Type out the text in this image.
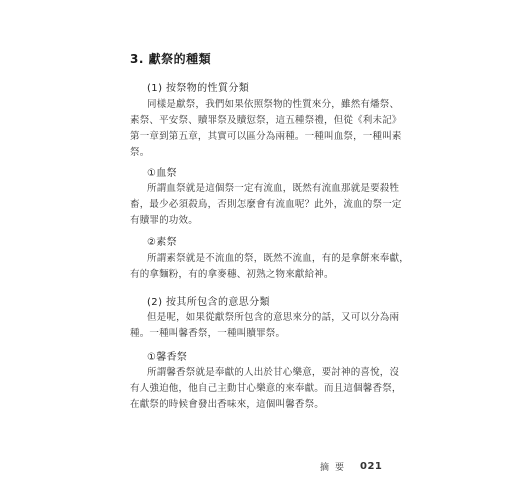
3. 獻祭的種類
(1) 按祭物的性質分類
同樣是獻祭，我們如果依照祭物的性質來分，雖然有燔祭、
素祭、平安祭、贖罪祭及贖愆祭，這五種祭禮，但從《利未記》
第一章到第五章，其實可以區分為兩種。一種叫血祭，一種叫素
祭。
①血祭
所謂血祭就是這個祭一定有流血，既然有流血那就是要殺牲
畜，最少必須殺鳥，否則怎麼會有流血呢？此外，流血的祭一定
有贖罪的功效。
②素祭
所謂素祭就是不流血的祭，既然不流血，有的是拿餅來奉獻，
有的拿麵粉，有的拿麥穗、初熟之物來獻給神。
(2) 按其所包含的意思分類
但是呢，如果從獻祭所包含的意思來分的話，又可以分為兩
種。一種叫馨香祭，一種叫贖罪祭。
①馨香祭
所謂馨香祭就是奉獻的人出於甘心樂意，要討神的喜悅，沒
有人強迫他，他自己主動甘心樂意的來奉獻。而且這個馨香祭，
在獻祭的時候會發出香味來，這個叫馨香祭。
摘要 021
